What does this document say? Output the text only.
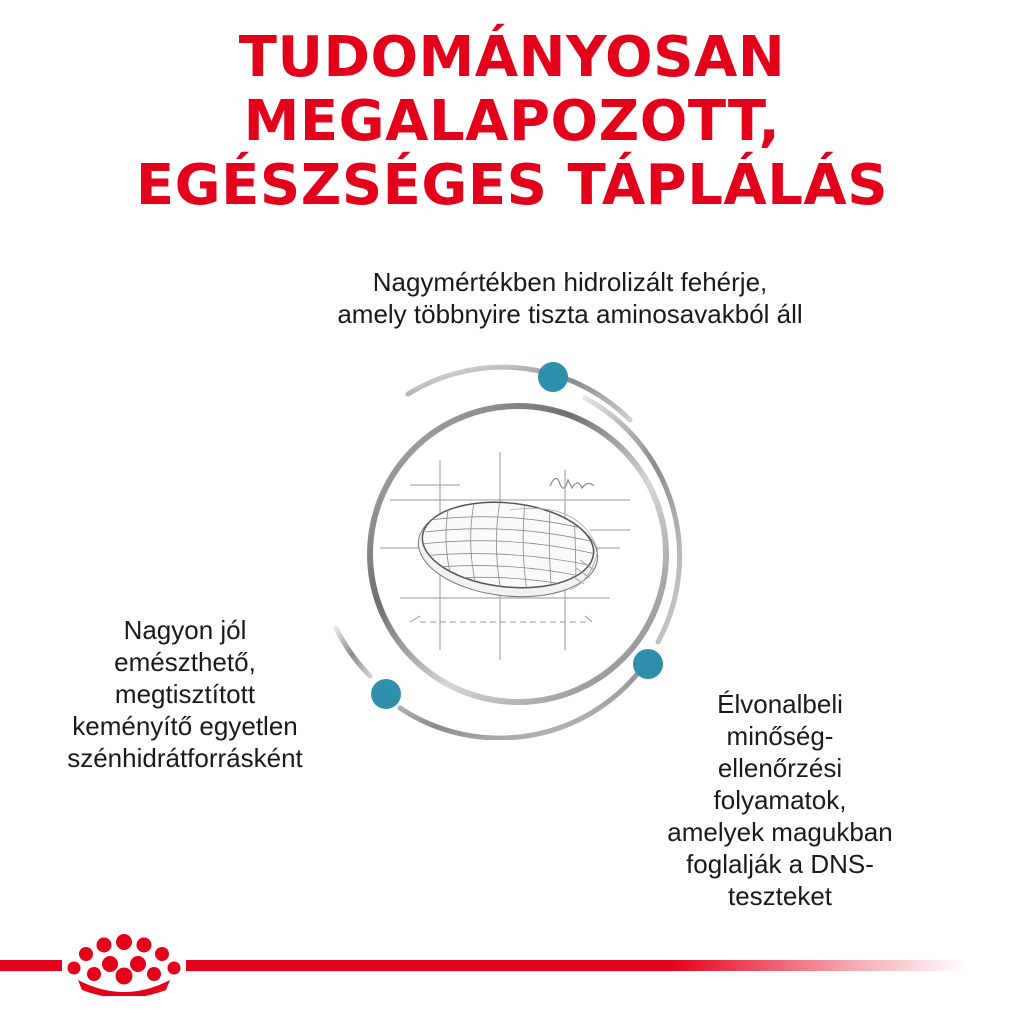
TUDOMÁNYOSAN MEGALAPOZOTT,
EGÉSZSÉGES TÁPLÁLÁS
Nagymértékben hidrolizált fehérje,
amely többnyire tiszta aminosavakból áll
Nagyon jól
emészthető,
megtisztított
keményítő egyetlen
szénhidrátforrásként
Élvonalbeli
minőség-
ellenőrzési
folyamatok,
amelyek magukban
foglalják a DNS-
teszteket
